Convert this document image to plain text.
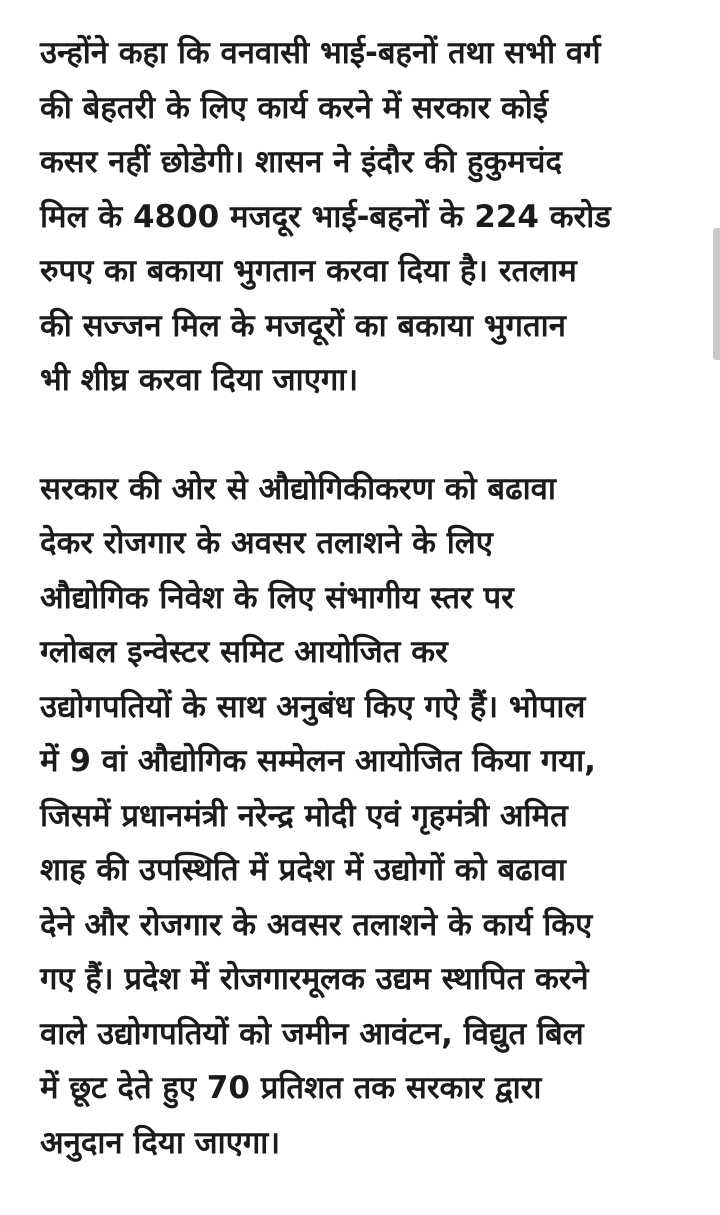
उन्होंने कहा कि वनवासी भाई-बहनों तथा सभी वर्ग
की बेहतरी के लिए कार्य करने में सरकार कोई
कसर नहीं छोडेगी। शासन ने इंदौर की हुकुमचंद
मिल के 4800 मजदूर भाई-बहनों के 224 करोड
रुपए का बकाया भुगतान करवा दिया है। रतलाम
की सज्जन मिल के मजदूरों का बकाया भुगतान
भी शीघ्र करवा दिया जाएगा।

सरकार की ओर से औद्योगिकीकरण को बढावा
देकर रोजगार के अवसर तलाशने के लिए
औद्योगिक निवेश के लिए संभागीय स्तर पर
ग्लोबल इन्वेस्टर समिट आयोजित कर
उद्योगपतियों के साथ अनुबंध किए गऐ हैं। भोपाल
में 9 वां औद्योगिक सम्मेलन आयोजित किया गया,
जिसमें प्रधानमंत्री नरेन्द्र मोदी एवं गृहमंत्री अमित
शाह की उपस्थिति में प्रदेश में उद्योगों को बढावा
देने और रोजगार के अवसर तलाशने के कार्य किए
गए हैं। प्रदेश में रोजगारमूलक उद्यम स्थापित करने
वाले उद्योगपतियों को जमीन आवंटन, विद्युत बिल
में छूट देते हुए 70 प्रतिशत तक सरकार द्वारा
अनुदान दिया जाएगा।
